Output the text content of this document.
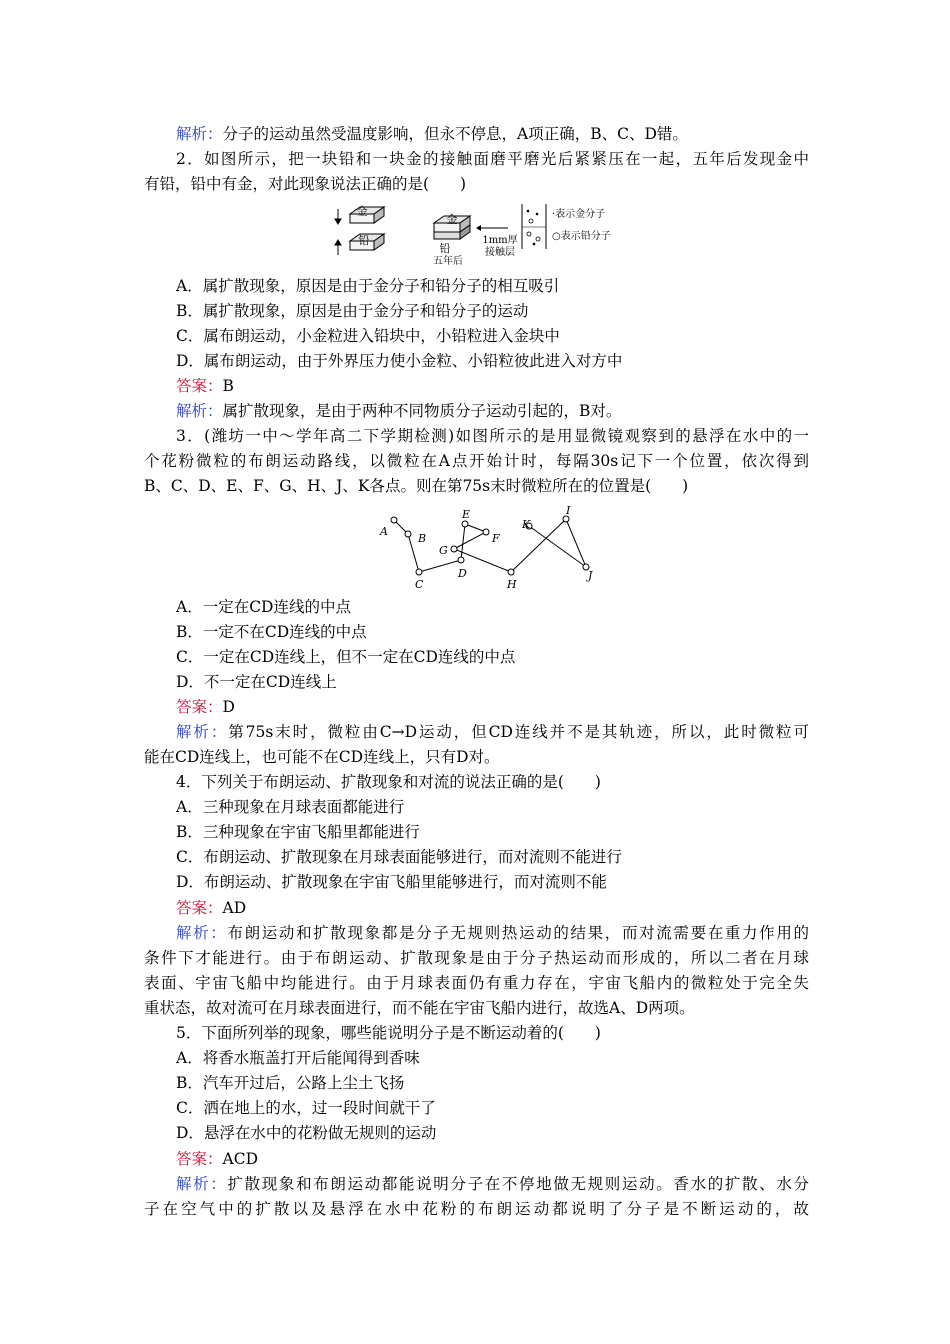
解析：分子的运动虽然受温度影响，但永不停息，A项正确，B、C、D错。
2．如图所示，把一块铅和一块金的接触面磨平磨光后紧紧压在一起，五年后发现金中
有铅，铅中有金，对此现象说法正确的是(　　)
金
铅
金
铅
五年后
1mm厚
接触层
·表示金分子
○表示铅分子
A．属扩散现象，原因是由于金分子和铅分子的相互吸引
B．属扩散现象，原因是由于金分子和铅分子的运动
C．属布朗运动，小金粒进入铅块中，小铅粒进入金块中
D．属布朗运动，由于外界压力使小金粒、小铅粒彼此进入对方中
答案：B
解析：属扩散现象，是由于两种不同物质分子运动引起的，B对。
3．(潍坊一中～学年高二下学期检测)如图所示的是用显微镜观察到的悬浮在水中的一
个花粉微粒的布朗运动路线，以微粒在A点开始计时，每隔30s记下一个位置，依次得到
B、C、D、E、F、G、H、J、K各点。则在第75s末时微粒所在的位置是(　　)
A
B
C
D
E
F
G
H
I
J
K
A．一定在CD连线的中点
B．一定不在CD连线的中点
C．一定在CD连线上，但不一定在CD连线的中点
D．不一定在CD连线上
答案：D
解析：第75s末时，微粒由C→D运动，但CD连线并不是其轨迹，所以，此时微粒可
能在CD连线上，也可能不在CD连线上，只有D对。
4．下列关于布朗运动、扩散现象和对流的说法正确的是(　　)
A．三种现象在月球表面都能进行
B．三种现象在宇宙飞船里都能进行
C．布朗运动、扩散现象在月球表面能够进行，而对流则不能进行
D．布朗运动、扩散现象在宇宙飞船里能够进行，而对流则不能
答案：AD
解析：布朗运动和扩散现象都是分子无规则热运动的结果，而对流需要在重力作用的
条件下才能进行。由于布朗运动、扩散现象是由于分子热运动而形成的，所以二者在月球
表面、宇宙飞船中均能进行。由于月球表面仍有重力存在，宇宙飞船内的微粒处于完全失
重状态，故对流可在月球表面进行，而不能在宇宙飞船内进行，故选A、D两项。
5．下面所列举的现象，哪些能说明分子是不断运动着的(　　)
A．将香水瓶盖打开后能闻得到香味
B．汽车开过后，公路上尘土飞扬
C．洒在地上的水，过一段时间就干了
D．悬浮在水中的花粉做无规则的运动
答案：ACD
解析：扩散现象和布朗运动都能说明分子在不停地做无规则运动。香水的扩散、水分
子在空气中的扩散以及悬浮在水中花粉的布朗运动都说明了分子是不断运动的，故
